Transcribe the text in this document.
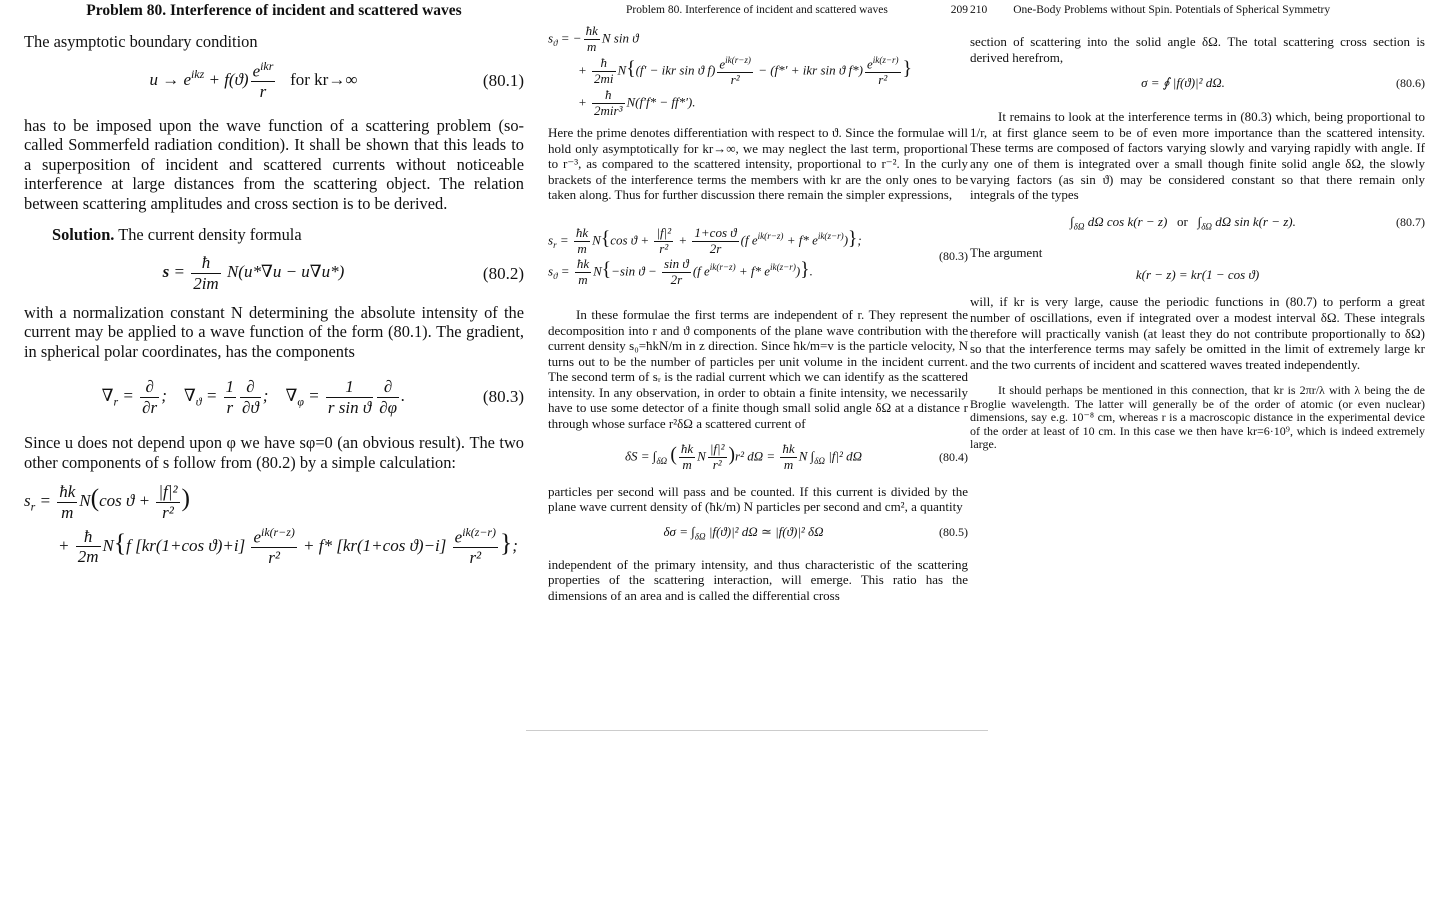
Problem 80. Interference of incident and scattered waves

The asymptotic boundary condition

$u \to e^{ikz} + f(ϑ) \frac{e^{ikr}}{r}$ for kr→∞	(80.1)

has to be imposed upon the wave function of a scattering problem (so-called Sommerfeld radiation condition). It shall be shown that this leads to a superposition of incident and scattered currents without noticeable interference at large distances from the scattering object. The relation between scattering amplitudes and cross section is to be derived.

Solution. The current density formula

$s = \frac{ħ}{2im} N(u*\nabla u - u\nabla u*)$	(80.2)

with a normalization constant N determining the absolute intensity of the current may be applied to a wave function of the form (80.1). The gradient, in spherical polar coordinates, has the components

$\nabla_r = \frac{\partial}{\partial r}$ ;    $\nabla_ϑ = \frac{1}{r} \frac{\partial}{\partial ϑ}$ ;    $\nabla_\varphi = \frac{1}{\text{r sin ϑ}} \frac{\partial}{\partial\varphi}$ .	(80.3)

Since u does not depend upon φ we have sφ=0 (an obvious result). The two other components of s follow from (80.2) by a simple calculation:

$s_r = \frac{ħk}{m} N(\cos$ $ϑ + \frac{\text{|f|²}}{\text{r²}}$ )
+ $\frac{ħ}{2m} N\{f$ [kr(1+cos $ϑ)+i] \frac{e^{ik(r-z)}}{\text{r²}} + f*$ [kr(1+cos $ϑ)-i] \frac{e^{ik(z-r)}}{\text{r²}}$ };
Problem 80. Interference of incident and scattered waves	209
$s_ϑ$ = − $\frac{ħk}{m}$ N sin ϑ
+ $\frac{ħ}{2mi} N\{(f'$ − ikr sin ϑ $f) \frac{e^{ik(r-z)}}{\text{r²}} - (f*'$ + ikr sin ϑ $f*) \frac{e^{ik(z-r)}}{\text{r²}}$ }
+ $\frac{ħ}{\text{2mir³}} N(f'f* - ff*')$.

Here the prime denotes differentiation with respect to ϑ. Since the formulae will hold only asymptotically for kr→∞, we may neglect the last term, proportional to r⁻³, as compared to the scattered intensity, proportional to r⁻². In the curly brackets of the interference terms the members with kr are the only ones to be taken along. Thus for further discussion there remain the simpler expressions,

$s_r = \frac{ħk}{m} N\{\cos$ $ϑ + \frac{\text{|f|²}}{\text{r²}} + \frac{\text{1+cos ϑ}}{2r} (f$ $e^{ik(r-z)} + f*$ $e^{ik(z-r)}$)};
$s_ϑ = \frac{ħk}{m} N\{-\sin$ $ϑ - \frac{\text{sin ϑ}}{2r} (f$ $e^{ik(r-z)} + f*$ $e^{ik(z-r)}$)}.
(80.3)

In these formulae the first terms are independent of r. They represent the decomposition into r and ϑ components of the plane wave contribution with the current density s₀=ħkN/m in z direction. Since ħk/m=v is the particle velocity, N turns out to be the number of particles per unit volume in the incident current. The second term of sᵣ is the radial current which we can identify as the scattered intensity. In any observation, in order to obtain a finite intensity, we necessarily have to use some detector of a finite though small solid angle δΩ at a distance r through whose surface r²δΩ a scattered current of

$\delta S = \int_{\delta\Omega}$ ( $\frac{ħk}{m}$ N $\frac{\text{|f|²}}{\text{r²}} )r^2$ $d\Omega = \frac{ħk}{m}$ N $\int_{\delta\Omega}$ |f|² dΩ	(80.4)

particles per second will pass and be counted. If this current is divided by the plane wave current density of (ħk/m) N particles per second and cm², a quantity

$\delta\sigma = \int_{\delta\Omega}$ |f(ϑ)|² dΩ ≃ |f(ϑ)|² δΩ	(80.5)

independent of the primary intensity, and thus characteristic of the scattering properties of the scattering interaction, will emerge. This ratio has the dimensions of an area and is called the differential cross

210 One-Body Problems without Spin. Potentials of Spherical Symmetry

section of scattering into the solid angle δΩ. The total scattering cross section is derived herefrom,

σ = ∮ |f(ϑ)|² dΩ.	(80.6)

It remains to look at the interference terms in (80.3) which, being proportional to 1/r, at first glance seem to be of even more importance than the scattered intensity. These terms are composed of factors varying slowly and varying rapidly with angle. If any one of them is integrated over a small though finite solid angle δΩ, the slowly varying factors (as sin ϑ) may be considered constant so that there remain only integrals of the types

$\int_{\delta\Omega}$ dΩ cos k(r − z)   or   $\int_{\delta\Omega}$ dΩ sin k(r − z).	(80.7)

The argument

k(r − z) = kr(1 − cos ϑ)

will, if kr is very large, cause the periodic functions in (80.7) to perform a great number of oscillations, even if integrated over a modest interval δΩ. These integrals therefore will practically vanish (at least they do not contribute proportionally to δΩ) so that the interference terms may safely be omitted in the limit of extremely large kr and the two currents of incident and scattered waves treated independently.

It should perhaps be mentioned in this connection, that kr is 2πr/λ with λ being the de Broglie wavelength. The latter will generally be of the order of atomic (or even nuclear) dimensions, say e.g. 10⁻⁸ cm, whereas r is a macroscopic distance in the experimental device of the order at least of 10 cm. In this case we then have kr=6·10⁹, which is indeed extremely large.
